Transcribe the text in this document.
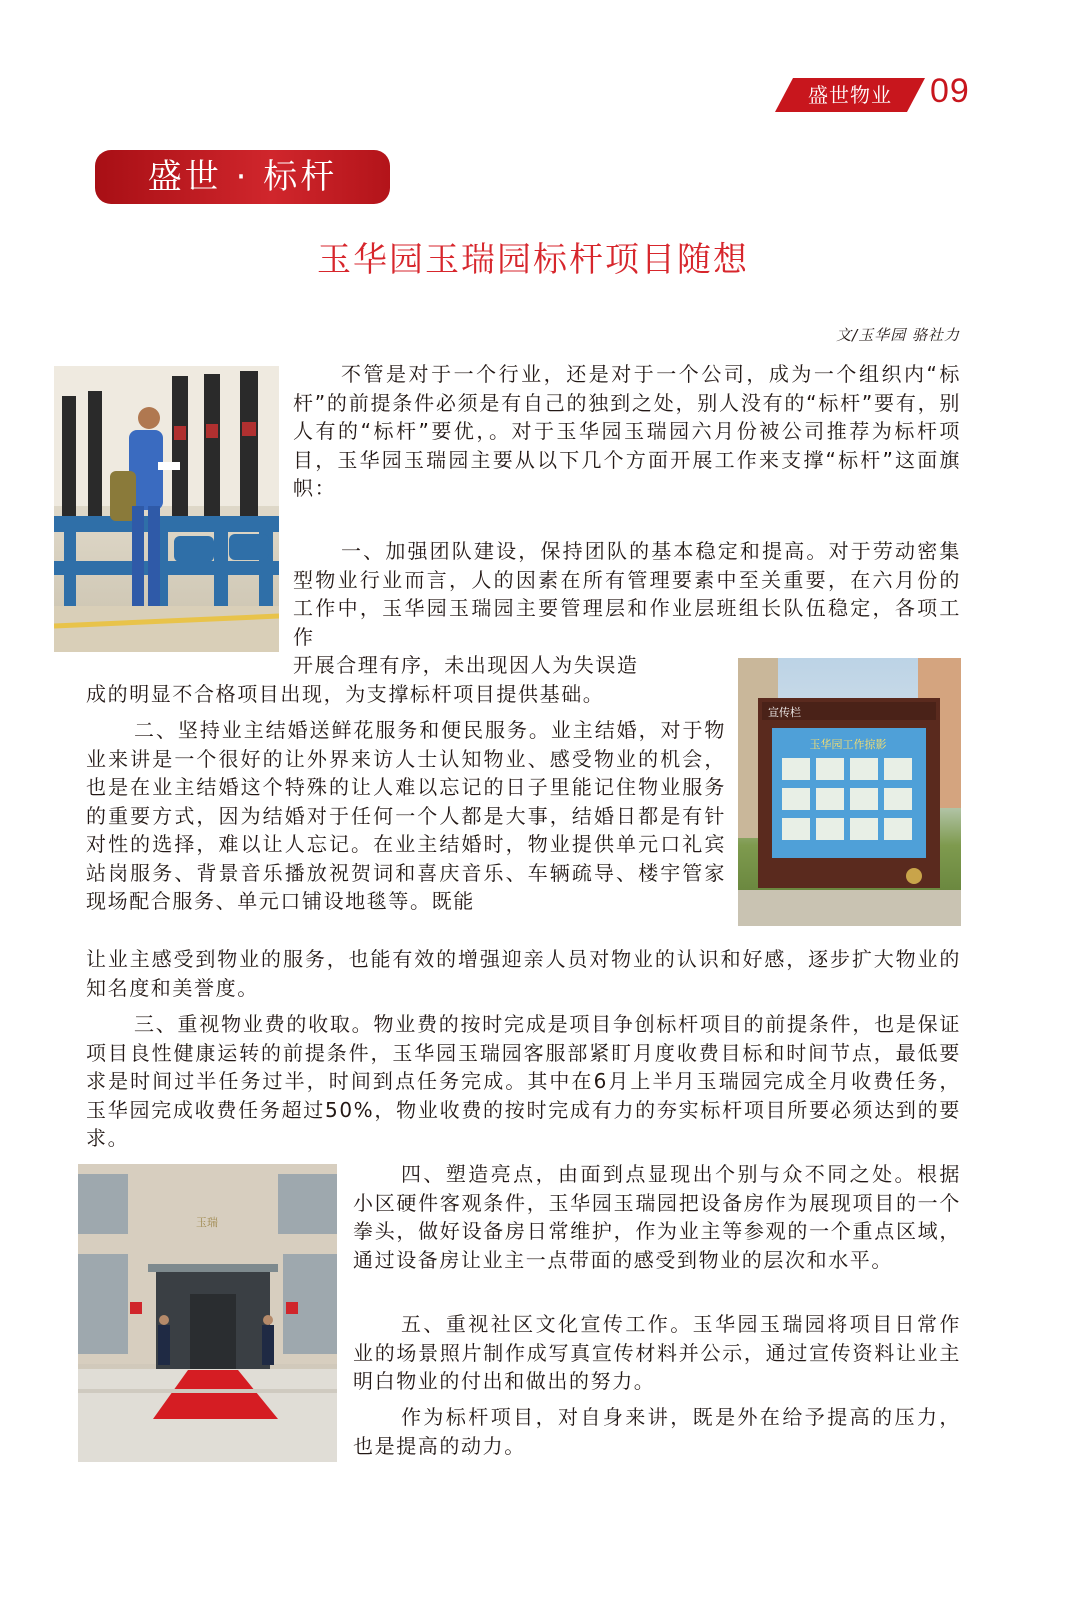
盛世物业	09
盛世 · 标杆
玉华园玉瑞园标杆项目随想
文/玉华园 骆社力
不管是对于一个行业，还是对于一个公司，成为一个组织内“标杆”的前提条件必须是有自己的独到之处，别人没有的“标杆”要有，别人有的“标杆”要优，。对于玉华园玉瑞园六月份被公司推荐为标杆项目，玉华园玉瑞园主要从以下几个方面开展工作来支撑“标杆”这面旗帜：
一、加强团队建设，保持团队的基本稳定和提高。对于劳动密集型物业行业而言，人的因素在所有管理要素中至关重要，在六月份的工作中，玉华园玉瑞园主要管理层和作业层班组长队伍稳定，各项工作
开展合理有序，未出现因人为失误造
成的明显不合格项目出现，为支撑标杆项目提供基础。
宣传栏
玉华园工作掠影
二、坚持业主结婚送鲜花服务和便民服务。业主结婚，对于物业来讲是一个很好的让外界来访人士认知物业、感受物业的机会，也是在业主结婚这个特殊的让人难以忘记的日子里能记住物业服务的重要方式，因为结婚对于任何一个人都是大事，结婚日都是有针对性的选择，难以让人忘记。在业主结婚时，物业提供单元口礼宾站岗服务、背景音乐播放祝贺词和喜庆音乐、车辆疏导、楼宇管家现场配合服务、单元口铺设地毯等。既能
让业主感受到物业的服务，也能有效的增强迎亲人员对物业的认识和好感，逐步扩大物业的知名度和美誉度。
三、重视物业费的收取。物业费的按时完成是项目争创标杆项目的前提条件，也是保证项目良性健康运转的前提条件，玉华园玉瑞园客服部紧盯月度收费目标和时间节点，最低要求是时间过半任务过半，时间到点任务完成。其中在6月上半月玉瑞园完成全月收费任务，玉华园完成收费任务超过50%，物业收费的按时完成有力的夯实标杆项目所要必须达到的要求。
玉瑞
四、塑造亮点，由面到点显现出个别与众不同之处。根据小区硬件客观条件，玉华园玉瑞园把设备房作为展现项目的一个拳头，做好设备房日常维护，作为业主等参观的一个重点区域，通过设备房让业主一点带面的感受到物业的层次和水平。
五、重视社区文化宣传工作。玉华园玉瑞园将项目日常作业的场景照片制作成写真宣传材料并公示，通过宣传资料让业主明白物业的付出和做出的努力。
作为标杆项目，对自身来讲，既是外在给予提高的压力，也是提高的动力。
